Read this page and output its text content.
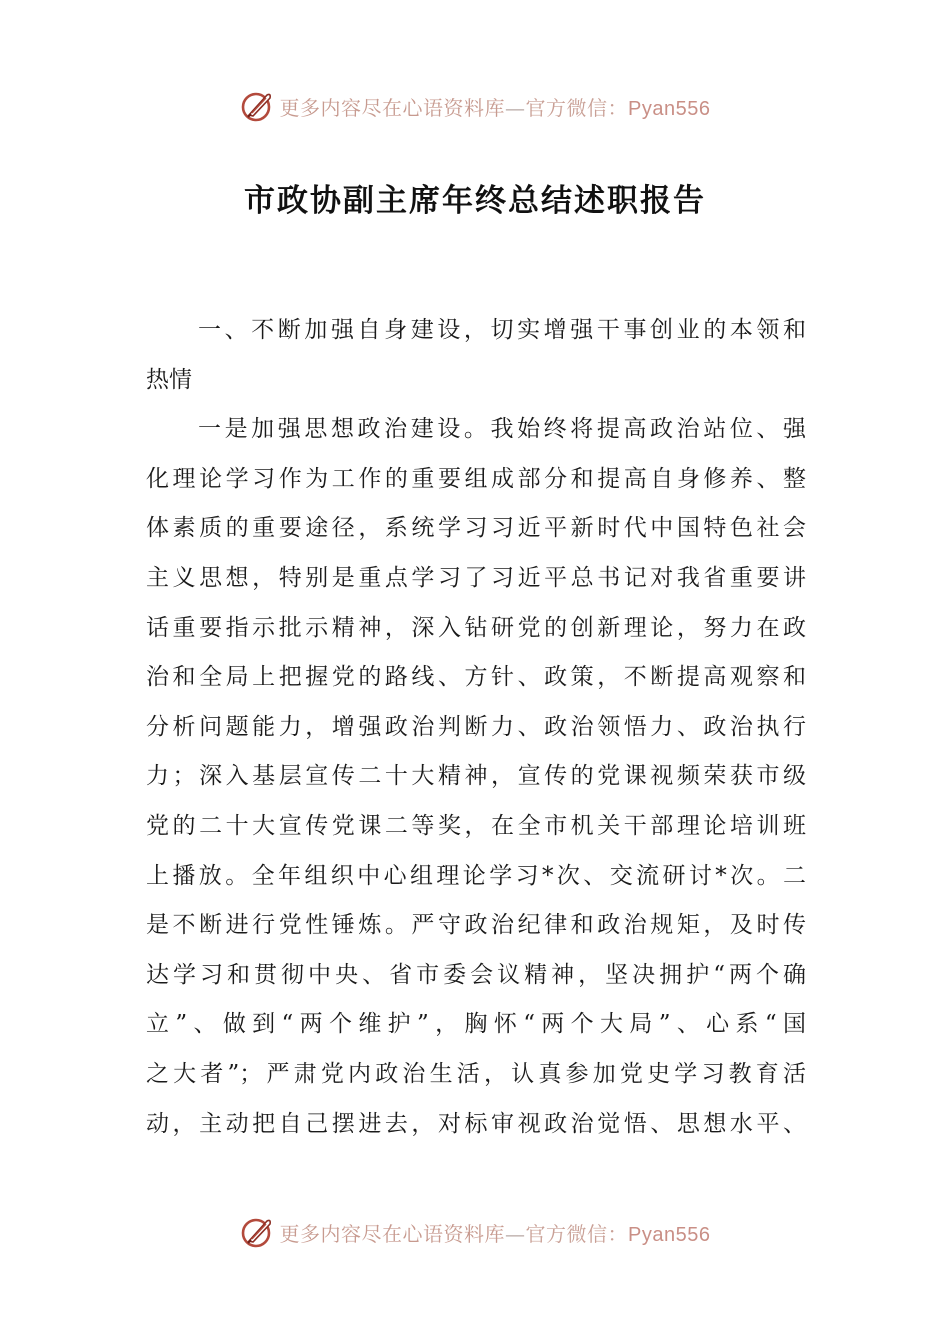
更多内容尽在心语资料库—官方微信：Pyan556
市政协副主席年终总结述职报告
一、不断加强自身建设，切实增强干事创业的本领和
热情
一是加强思想政治建设。我始终将提高政治站位、强
化理论学习作为工作的重要组成部分和提高自身修养、整
体素质的重要途径，系统学习习近平新时代中国特色社会
主义思想，特别是重点学习了习近平总书记对我省重要讲
话重要指示批示精神，深入钻研党的创新理论，努力在政
治和全局上把握党的路线、方针、政策，不断提高观察和
分析问题能力，增强政治判断力、政治领悟力、政治执行
力；深入基层宣传二十大精神，宣传的党课视频荣获市级
党的二十大宣传党课二等奖，在全市机关干部理论培训班
上播放。全年组织中心组理论学习*次、交流研讨*次。二
是不断进行党性锤炼。严守政治纪律和政治规矩，及时传
达学习和贯彻中央、省市委会议精神，坚决拥护“两个确
立”、做到“两个维护”，胸怀“两个大局”、心系“国
之大者”；严肃党内政治生活，认真参加党史学习教育活
动，主动把自己摆进去，对标审视政治觉悟、思想水平、
更多内容尽在心语资料库—官方微信：Pyan556
